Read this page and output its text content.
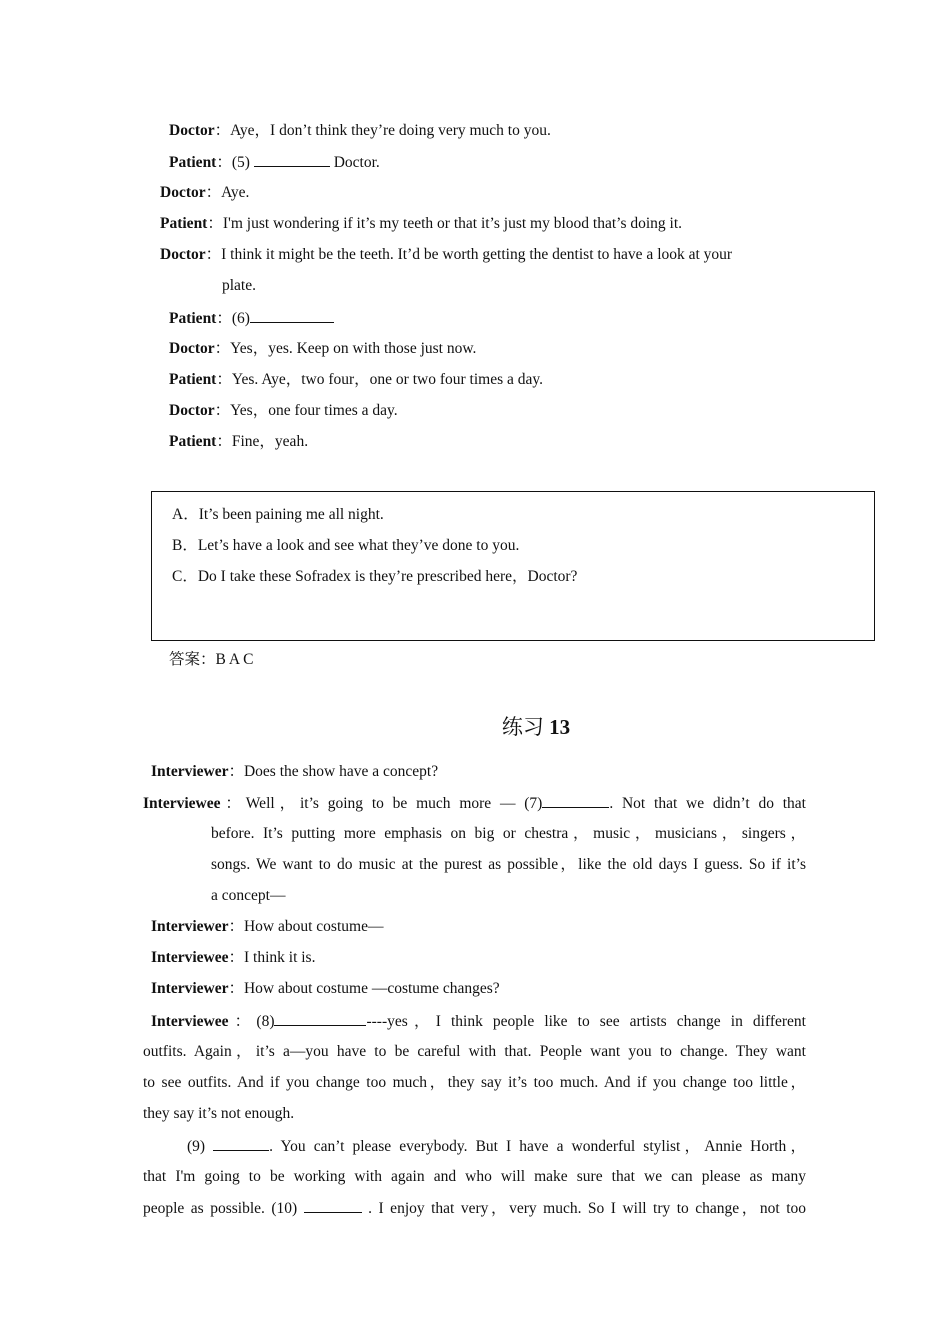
Doctor：Aye，I don’t think they’re doing very much to you.
Patient：(5)	Doctor.
Doctor：Aye.
Patient：I'm just wondering if it’s my teeth or that it’s just my blood that’s doing it.
Doctor：I think it might be the teeth. It’d be worth getting the dentist to have a look at your
plate.
Patient：(6)
Doctor：Yes，yes. Keep on with those just now.
Patient：Yes. Aye，two four，one or two four times a day.
Doctor：Yes，one four times a day.
Patient：Fine，yeah.
A．It’s been paining me all night.
B．Let’s have a look and see what they’ve done to you.
C．Do I take these Sofradex is they’re prescribed here，Doctor?
答案：B A C
练习 13
Interviewer：Does the show have a concept?
Interviewee：Well，it’s going to be much more — (7)	. Not that we didn’t do that
before. It’s putting more emphasis on big or chestra，music，musicians，singers，
songs. We want to do music at the purest as possible，like the old days I guess. So if it’s
a concept—
Interviewer：How about costume—
Interviewee：I think it is.
Interviewer：How about costume —costume changes?
Interviewee：(8)	----yes，I think people like to see artists change in different
outfits. Again，it’s a—you have to be careful with that. People want you to change. They want
to see outfits. And if you change too much，they say it’s too much. And if you change too little，
they say it’s not enough.
(9)	. You can’t please everybody. But I have a wonderful stylist，Annie Horth，
that I'm going to be working with again and who will make sure that we can please as many
people as possible. (10)	. I enjoy that very，very much. So I will try to change，not too
